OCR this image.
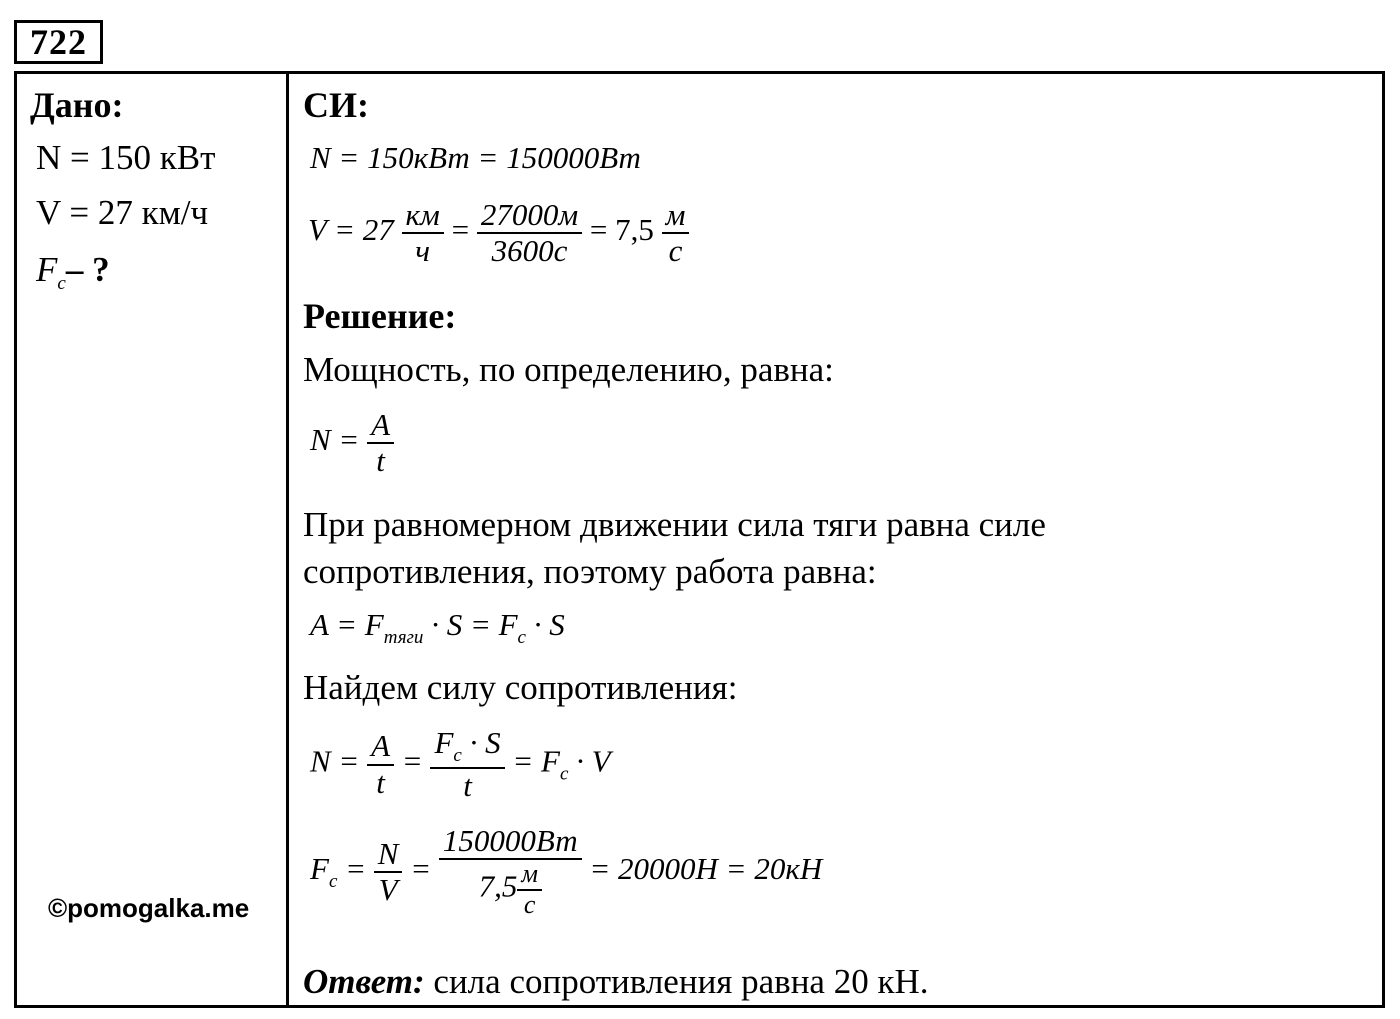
722
Дано:
N = 150 кВт
V = 27 км/ч
$F_c-$ ?
©pomogalka.me
СИ:
N = 150кВт = 150000Вт
$V = 27 \frac{км}{ч} = \frac{27000м}{3600с} = 7,5 \frac{м}{с}$
Решение:
Мощность, по определению, равна:
$N = \frac{A}{t}$
При равномерном движении сила тяги равна силе
сопротивления, поэтому работа равна:
$A = F_{тяги} \cdot S = F_c \cdot S$
Найдем силу сопротивления:
$N = \frac{A}{t} = \frac{F_c \cdot S}{t} = F_c \cdot V$
$F_c = \frac{N}{V} = \frac{150000Вт}{7,5 \frac{м}{с}} = 20000Н = 20кН$
Ответ: сила сопротивления равна 20 кН.
